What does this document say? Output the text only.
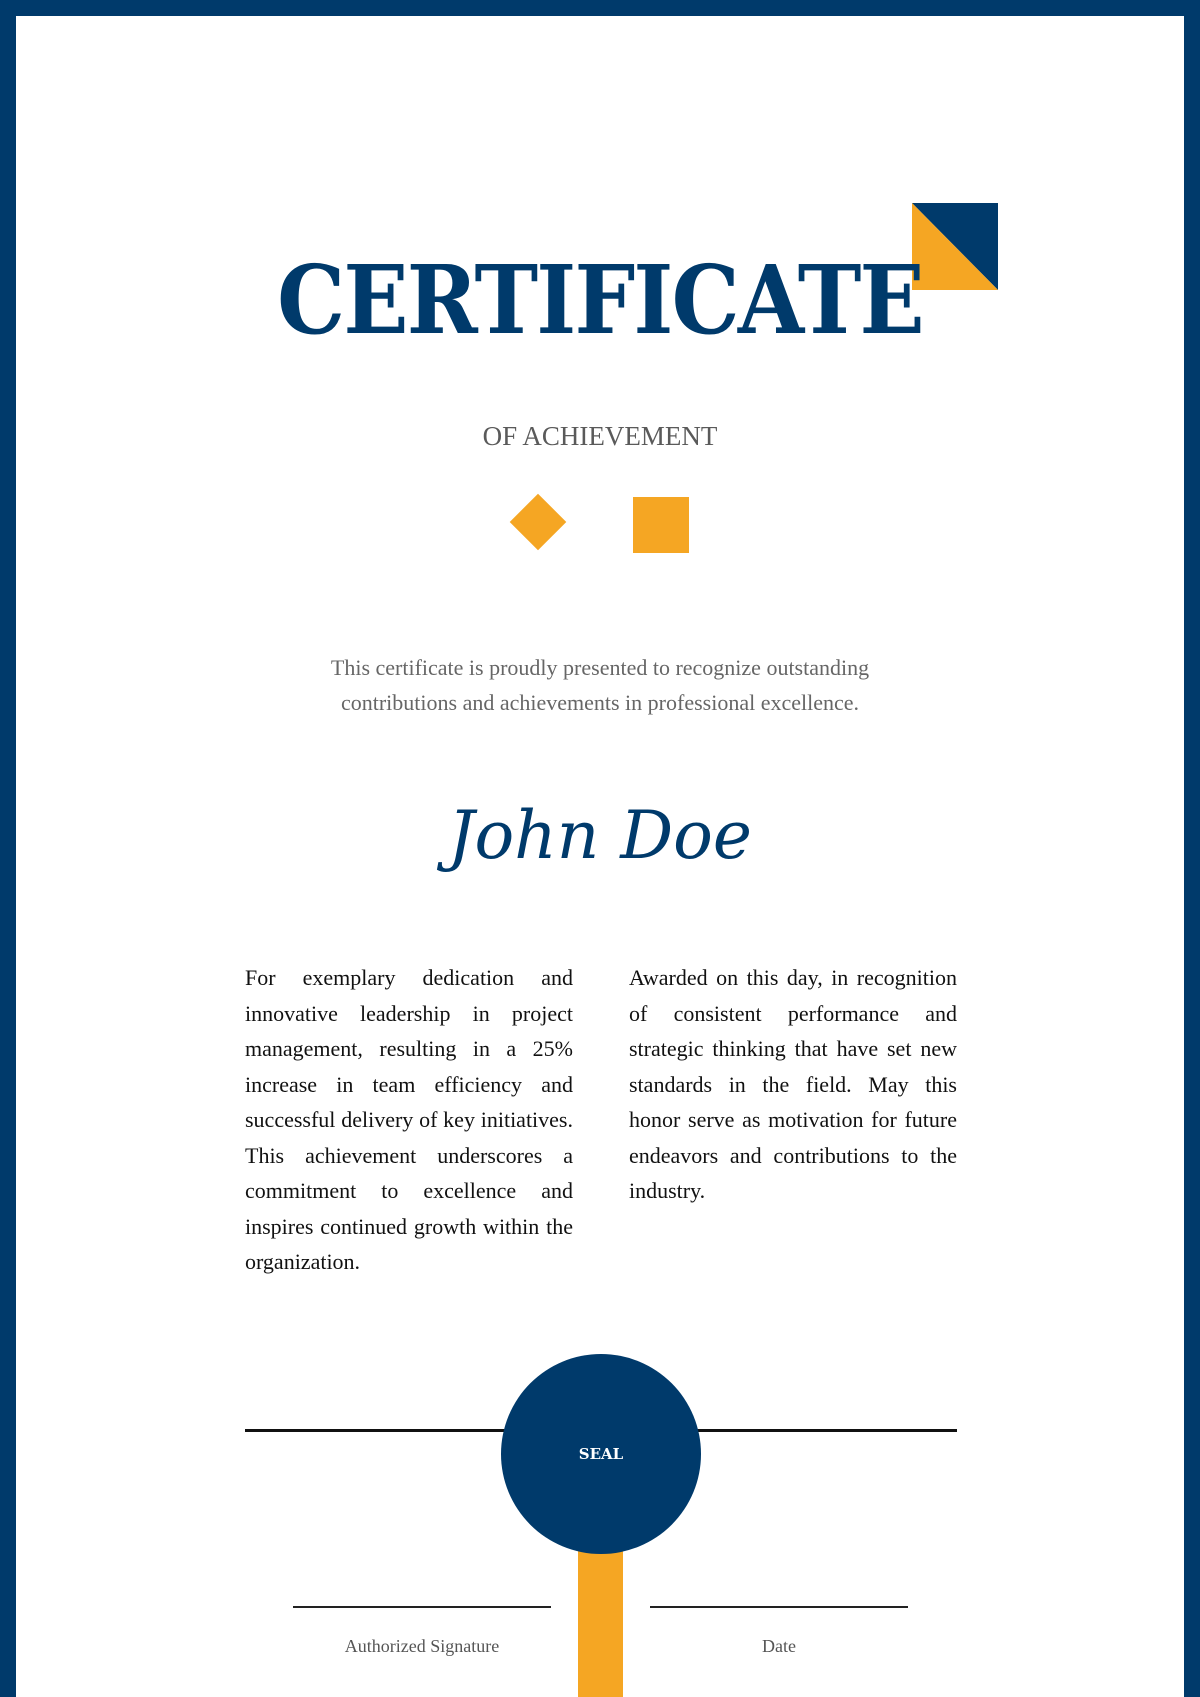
CERTIFICATE
OF ACHIEVEMENT
This certificate is proudly presented to recognize outstanding contributions and achievements in professional excellence.
John Doe
For exemplary dedication and innovative leadership in project management, resulting in a 25% increase in team efficiency and successful delivery of key initiatives. This achievement underscores a commitment to excellence and inspires continued growth within the organization.
Awarded on this day, in recognition of consistent performance and strategic thinking that have set new standards in the field. May this honor serve as motivation for future endeavors and contributions to the industry.
SEAL
Authorized Signature	Date
